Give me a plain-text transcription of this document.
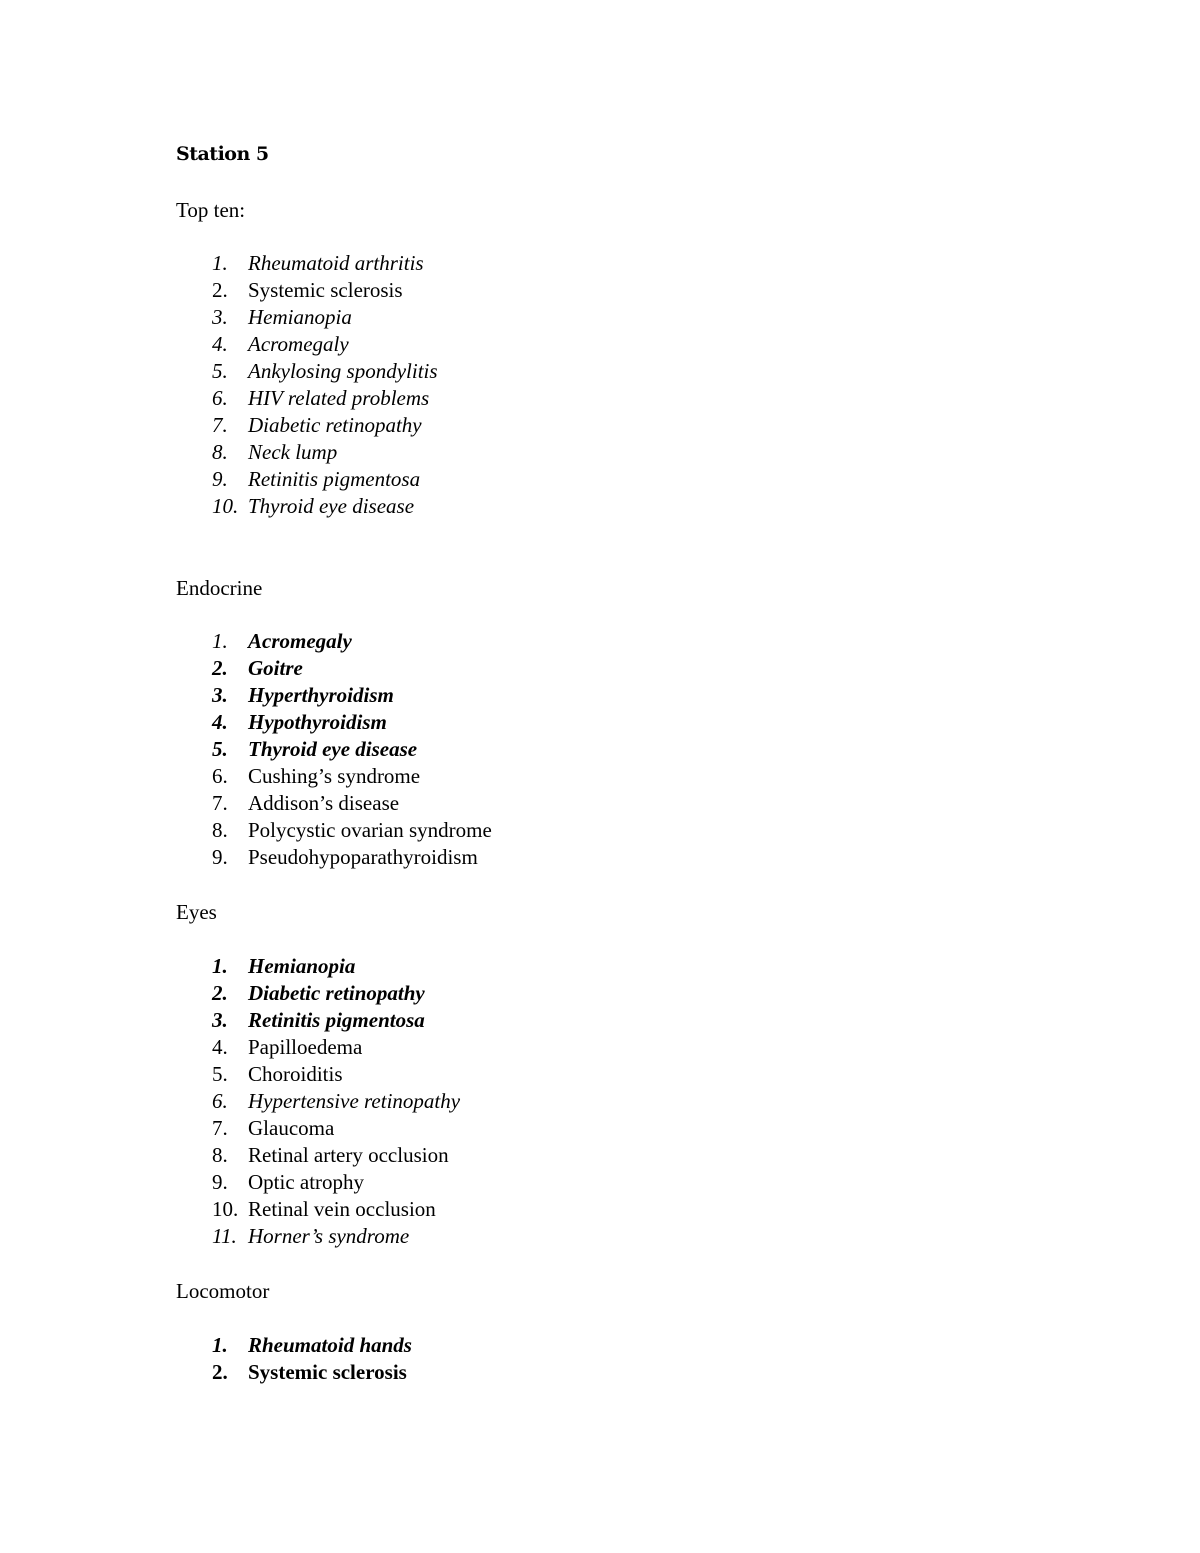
Station 5
Top ten:
1. Rheumatoid arthritis
2. Systemic sclerosis
3. Hemianopia
4. Acromegaly
5. Ankylosing spondylitis
6. HIV related problems
7. Diabetic retinopathy
8. Neck lump
9. Retinitis pigmentosa
10. Thyroid eye disease
Endocrine
1. Acromegaly
2. Goitre
3. Hyperthyroidism
4. Hypothyroidism
5. Thyroid eye disease
6. Cushing’s syndrome
7. Addison’s disease
8. Polycystic ovarian syndrome
9. Pseudohypoparathyroidism
Eyes
1. Hemianopia
2. Diabetic retinopathy
3. Retinitis pigmentosa
4. Papilloedema
5. Choroiditis
6. Hypertensive retinopathy
7. Glaucoma
8. Retinal artery occlusion
9. Optic atrophy
10. Retinal vein occlusion
11. Horner’s syndrome
Locomotor
1. Rheumatoid hands
2. Systemic sclerosis
